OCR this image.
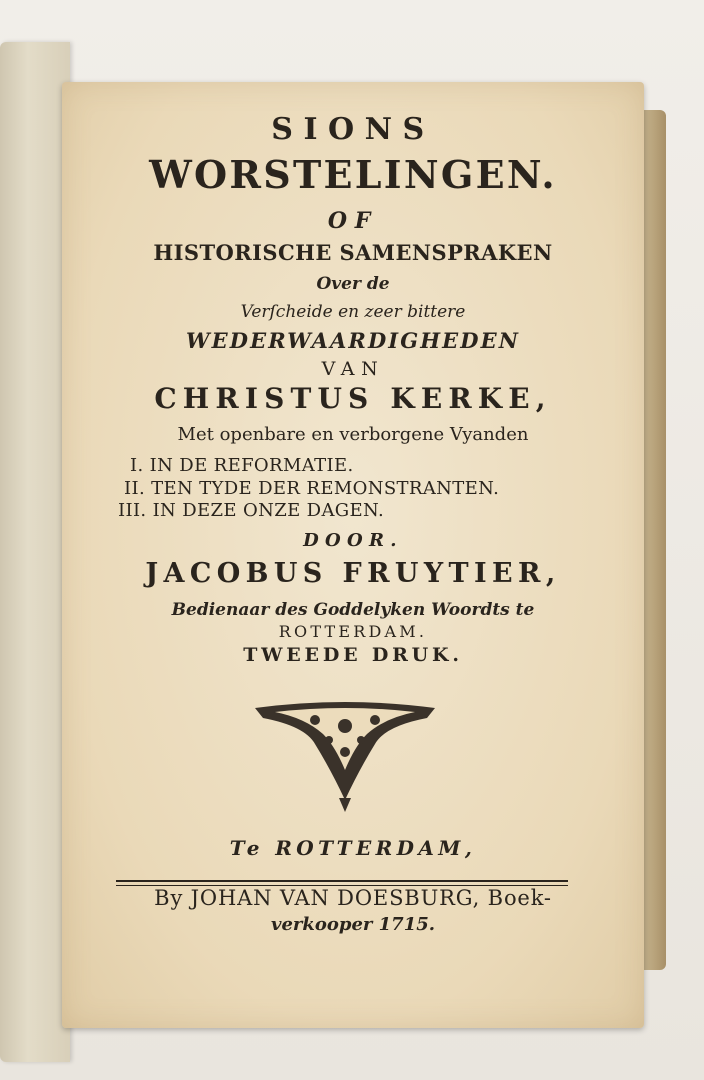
SIONS
WORSTELINGEN.
OF
HISTORISCHE SAMENSPRAKEN
Over de
Verſcheide en zeer bittere
WEDERWAARDIGHEDEN
VAN
CHRISTUS KERKE,
Met openbare en verborgene Vyanden
I. IN DE REFORMATIE.
II. TEN TYDE DER REMONSTRANTEN.
III. IN DEZE ONZE DAGEN.
DOOR.
JACOBUS FRUYTIER,
Bedienaar des Goddelyken Woordts te
ROTTERDAM.
TWEEDE DRUK.
Te ROTTERDAM,
By JOHAN VAN DOESBURG, Boek-
verkooper 1715.
